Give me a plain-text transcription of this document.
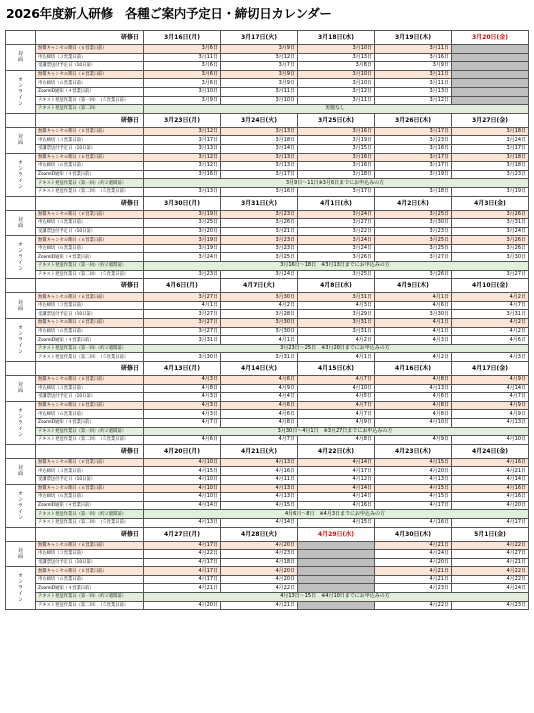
2026年度新人研修　各種ご案内予定日・締切日カレンダー
	研修日	3月16日(月)	3月17日(火)	3月18日(水)	3月19日(木)	3月20日(金)

対
面	無償キャンセル期日（６営業日前）	3月6日	3月9日	3月10日	3月11日	
	申込締切（３営業日前）	3月11日	3月12日	3月13日	3月16日	
	受講票送付予定日（10日前）	3月6日	3月7日	3月8日	3月9日	

オ
ン
ラ
イ
ン	無償キャンセル期日（６営業日前）	3月6日	3月9日	3月10日	3月11日	
	申込締切（６営業日前）	3月6日	3月9日	3月10日	3月11日	
	ZoomID通知（４営業日前）	3月10日	3月11日	3月12日	3月13日	
	テキスト発送作業日（第一回）　（５営業日前）	3月9日	3月10日	3月11日	3月12日	
	テキスト発送作業日（第二回）	実施なし				
	研修日	3月23日(月)	3月24日(火)	3月25日(水)	3月26日(木)	3月27日(金)

対
面	無償キャンセル期日（６営業日前）	3月12日	3月13日	3月16日	3月17日	3月18日
	申込締切（３営業日前）	3月17日	3月18日	3月19日	3月23日	3月24日
	受講票送付予定日（10日前）	3月13日	3月14日	3月15日	3月16日	3月17日

オ
ン
ラ
イ
ン	無償キャンセル期日（６営業日前）	3月12日	3月13日	3月16日	3月17日	3月18日
	申込締切（６営業日前）	3月12日	3月13日	3月16日	3月17日	3月18日
	ZoomID通知（４営業日前）	3月16日	3月17日	3月18日	3月19日	3月23日
	テキスト発送作業日（第一回）（約２週間前）	3月9日～11日※3月6日までにお申込みの方				
	テキスト発送作業日（第二回）　（５営業日前）	3月13日	3月16日	3月17日	3月18日	3月19日
	研修日	3月30日(月)	3月31日(火)	4月1日(水)	4月2日(木)	4月3日(金)

対
面	無償キャンセル期日（６営業日前）	3月19日	3月23日	3月24日	3月25日	3月26日
	申込締切（３営業日前）	3月25日	3月26日	3月27日	3月30日	3月31日
	受講票送付予定日（10日前）	3月20日	3月21日	3月22日	3月23日	3月24日

オ
ン
ラ
イ
ン	無償キャンセル期日（６営業日前）	3月19日	3月23日	3月24日	3月25日	3月26日
	申込締切（６営業日前）	3月19日	3月23日	3月24日	3月25日	3月26日
	ZoomID通知（４営業日前）	3月24日	3月25日	3月26日	3月27日	3月30日
	テキスト発送作業日（第一回）（約２週間前）	3月16日～18日　※3月13日までにお申込みの方				
	テキスト発送作業日（第二回）　（５営業日前）	3月23日	3月24日	3月25日	3月26日	3月27日
	研修日	4月6日(月)	4月7日(火)	4月8日(水)	4月9日(木)	4月10日(金)

対
面	無償キャンセル期日（６営業日前）	3月27日	3月30日	3月31日	4月1日	4月2日
	申込締切（３営業日前）	4月1日	4月2日	4月3日	4月6日	4月7日
	受講票送付予定日（10日前）	3月27日	3月28日	3月29日	3月30日	3月31日

オ
ン
ラ
イ
ン	無償キャンセル期日（６営業日前）	3月27日	3月30日	3月31日	4月1日	4月2日
	申込締切（６営業日前）	3月27日	3月30日	3月31日	4月1日	4月2日
	ZoomID通知（４営業日前）	3月31日	4月1日	4月2日	4月3日	4月6日
	テキスト発送作業日（第一回）（約２週間前）	3月23日～25日　※3月20日までにお申込みの方				
	テキスト発送作業日（第二回）　（５営業日前）	3月30日	3月31日	4月1日	4月2日	4月3日
	研修日	4月13日(月)	4月14日(火)	4月15日(水)	4月16日(木)	4月17日(金)

対
面	無償キャンセル期日（６営業日前）	4月3日	4月6日	4月7日	4月8日	4月9日
	申込締切（３営業日前）	4月8日	4月9日	4月10日	4月13日	4月14日
	受講票送付予定日（10日前）	4月3日	4月4日	4月5日	4月6日	4月7日

オ
ン
ラ
イ
ン	無償キャンセル期日（６営業日前）	4月3日	4月6日	4月7日	4月8日	4月9日
	申込締切（６営業日前）	4月3日	4月6日	4月7日	4月8日	4月9日
	ZoomID通知（４営業日前）	4月7日	4月8日	4月9日	4月10日	4月13日
	テキスト発送作業日（第一回）（約２週間前）	3月30日～4月1日　※3月27日までにお申込みの方				
	テキスト発送作業日（第二回）　（５営業日前）	4月6日	4月7日	4月8日	4月9日	4月10日
	研修日	4月20日(月)	4月21日(火)	4月22日(水)	4月23日(木)	4月24日(金)

対
面	無償キャンセル期日（６営業日前）	4月10日	4月13日	4月14日	4月15日	4月16日
	申込締切（３営業日前）	4月15日	4月16日	4月17日	4月20日	4月21日
	受講票送付予定日（10日前）	4月10日	4月11日	4月12日	4月13日	4月14日

オ
ン
ラ
イ
ン	無償キャンセル期日（６営業日前）	4月10日	4月13日	4月14日	4月15日	4月16日
	申込締切（６営業日前）	4月10日	4月13日	4月14日	4月15日	4月16日
	ZoomID通知（４営業日前）	4月14日	4月15日	4月16日	4月17日	4月20日
	テキスト発送作業日（第一回）（約２週間前）	4月6日～8日　※4月3日までにお申込みの方				
	テキスト発送作業日（第二回）　（５営業日前）	4月13日	4月14日	4月15日	4月16日	4月17日
	研修日	4月27日(月)	4月28日(火)	4月29日(水)	4月30日(木)	5月1日(金)

対
面	無償キャンセル期日（６営業日前）	4月17日	4月20日		4月21日	4月22日
	申込締切（３営業日前）	4月22日	4月23日		4月24日	4月27日
	受講票送付予定日（10日前）	4月17日	4月18日		4月20日	4月21日

オ
ン
ラ
イ
ン	無償キャンセル期日（６営業日前）	4月17日	4月20日		4月21日	4月22日
	申込締切（６営業日前）	4月17日	4月20日		4月21日	4月22日
	ZoomID通知（４営業日前）	4月21日	4月22日		4月23日	4月24日
	テキスト発送作業日（第一回）（約２週間前）	4月13日～15日　※4月10日までにお申込みの方				
	テキスト発送作業日（第二回）　（５営業日前）	4月20日	4月21日		4月22日	4月23日
